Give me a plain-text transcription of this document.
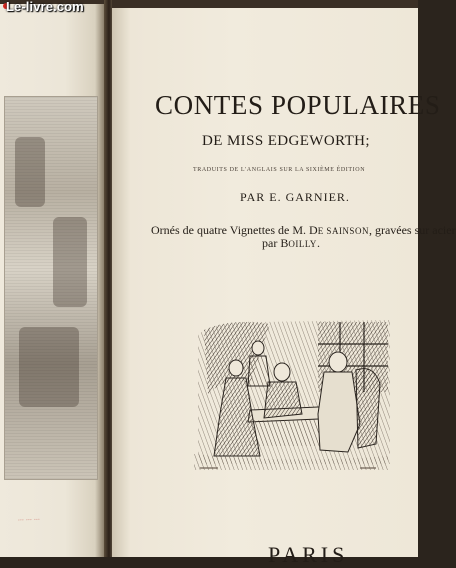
... ... ...
CONTES POPULAIRES
DE MISS EDGEWORTH;
TRADUITS DE L'ANGLAIS SUR LA SIXIÈME ÉDITION
PAR E. GARNIER.
Ornés de quatre Vignettes de M. DE SAINSON, gravées sur acier
par BOILLY.
PARIS
Le-livre.com
